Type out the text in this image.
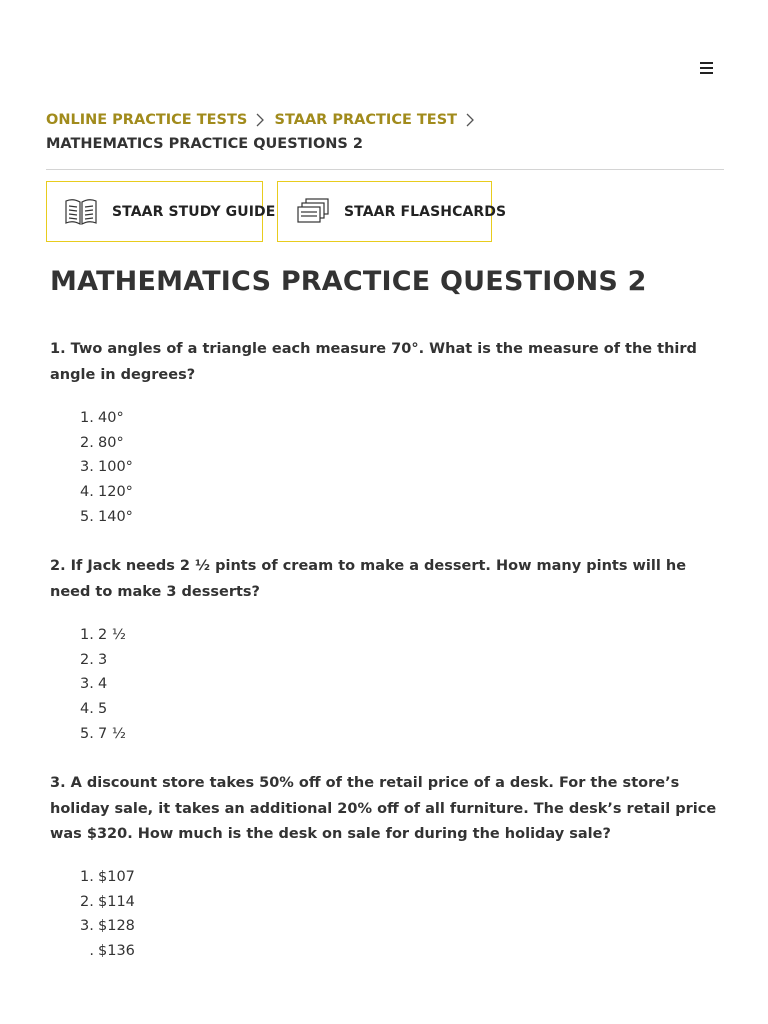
ONLINE PRACTICE TESTS STAAR PRACTICE TEST
MATHEMATICS PRACTICE QUESTIONS 2
STAAR STUDY GUIDE	STAAR FLASHCARDS
MATHEMATICS PRACTICE QUESTIONS 2

1. Two angles of a triangle each measure 70°. What is the measure of the third angle in degrees?

1. 40°
2. 80°
3. 100°
4. 120°
5. 140°

2. If Jack needs 2 ½ pints of cream to make a dessert. How many pints will he need to make 3 desserts?

1. 2 ½
2. 3
3. 4
4. 5
5. 7 ½

3. A discount store takes 50% off of the retail price of a desk. For the store’s holiday sale, it takes an additional 20% off of all furniture. The desk’s retail price was $320. How much is the desk on sale for during the holiday sale?

1. $107
2. $114
3. $128
. $136
